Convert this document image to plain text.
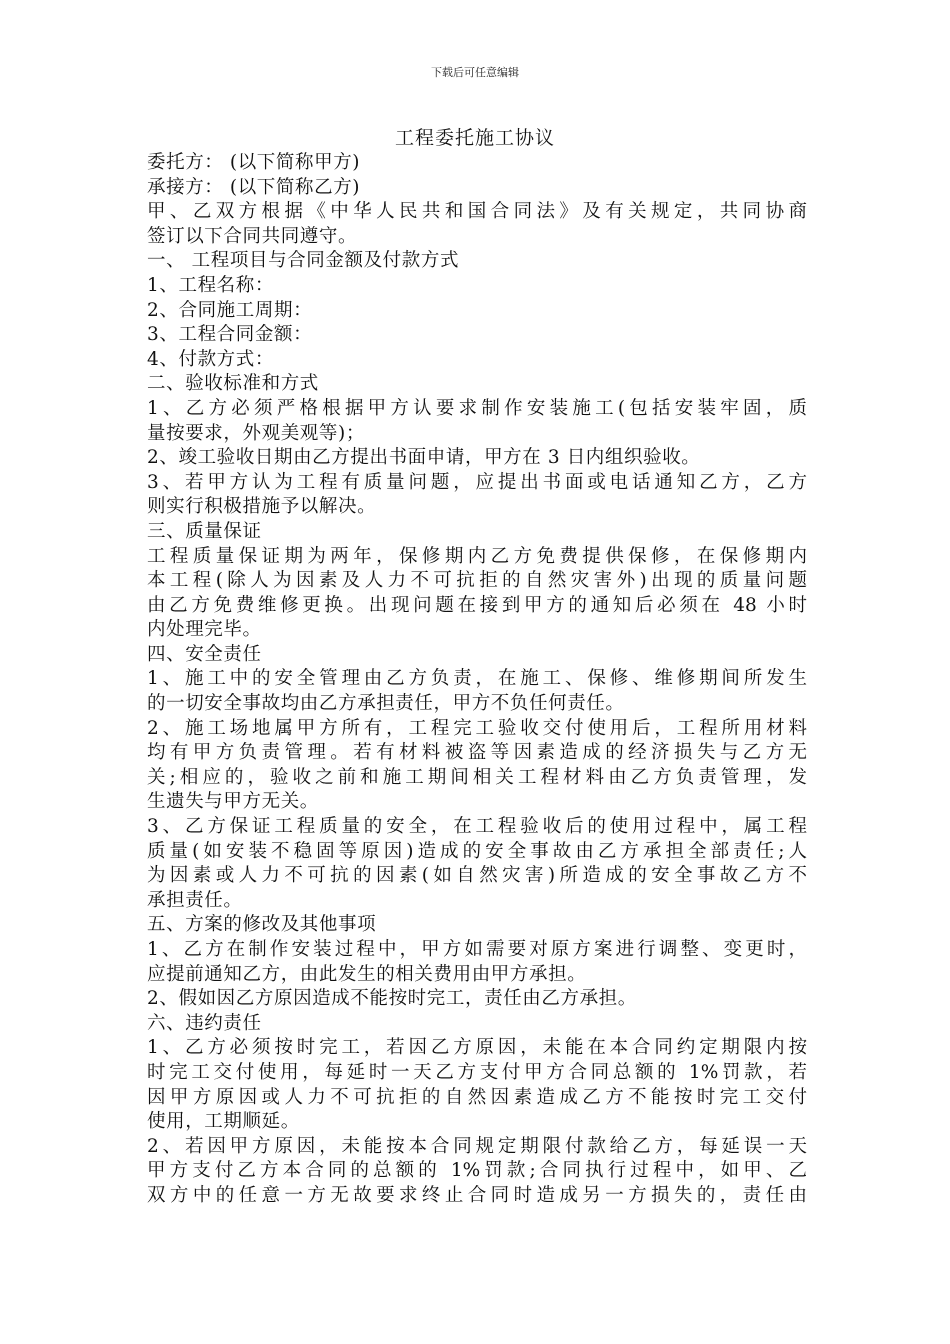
下载后可任意编辑
工程委托施工协议
委托方： (以下简称甲方)
承接方： (以下简称乙方)
甲、乙双方根据《中华人民共和国合同法》及有关规定，共同协商
签订以下合同共同遵守。
一、 工程项目与合同金额及付款方式
1、工程名称：
2、合同施工周期：
3、工程合同金额：
4、付款方式：
二、验收标准和方式
1、乙方必须严格根据甲方认要求制作安装施工(包括安装牢固，质
量按要求，外观美观等)；
2、竣工验收日期由乙方提出书面申请，甲方在 3 日内组织验收。
3、若甲方认为工程有质量问题，应提出书面或电话通知乙方，乙方
则实行积极措施予以解决。
三、质量保证
工程质量保证期为两年，保修期内乙方免费提供保修，在保修期内
本工程(除人为因素及人力不可抗拒的自然灾害外)出现的质量问题
由乙方免费维修更换。出现问题在接到甲方的通知后必须在 48 小时
内处理完毕。
四、安全责任
1、施工中的安全管理由乙方负责，在施工、保修、维修期间所发生
的一切安全事故均由乙方承担责任，甲方不负任何责任。
2、施工场地属甲方所有，工程完工验收交付使用后，工程所用材料
均有甲方负责管理。若有材料被盗等因素造成的经济损失与乙方无
关;相应的，验收之前和施工期间相关工程材料由乙方负责管理，发
生遗失与甲方无关。
3、乙方保证工程质量的安全，在工程验收后的使用过程中，属工程
质量(如安装不稳固等原因)造成的安全事故由乙方承担全部责任;人
为因素或人力不可抗的因素(如自然灾害)所造成的安全事故乙方不
承担责任。
五、方案的修改及其他事项
1、乙方在制作安装过程中，甲方如需要对原方案进行调整、变更时，
应提前通知乙方，由此发生的相关费用由甲方承担。
2、假如因乙方原因造成不能按时完工，责任由乙方承担。
六、违约责任
1、乙方必须按时完工，若因乙方原因，未能在本合同约定期限内按
时完工交付使用，每延时一天乙方支付甲方合同总额的 1%罚款，若
因甲方原因或人力不可抗拒的自然因素造成乙方不能按时完工交付
使用，工期顺延。
2、若因甲方原因，未能按本合同规定期限付款给乙方，每延误一天
甲方支付乙方本合同的总额的 1%罚款;合同执行过程中，如甲、乙
双方中的任意一方无故要求终止合同时造成另一方损失的，责任由
